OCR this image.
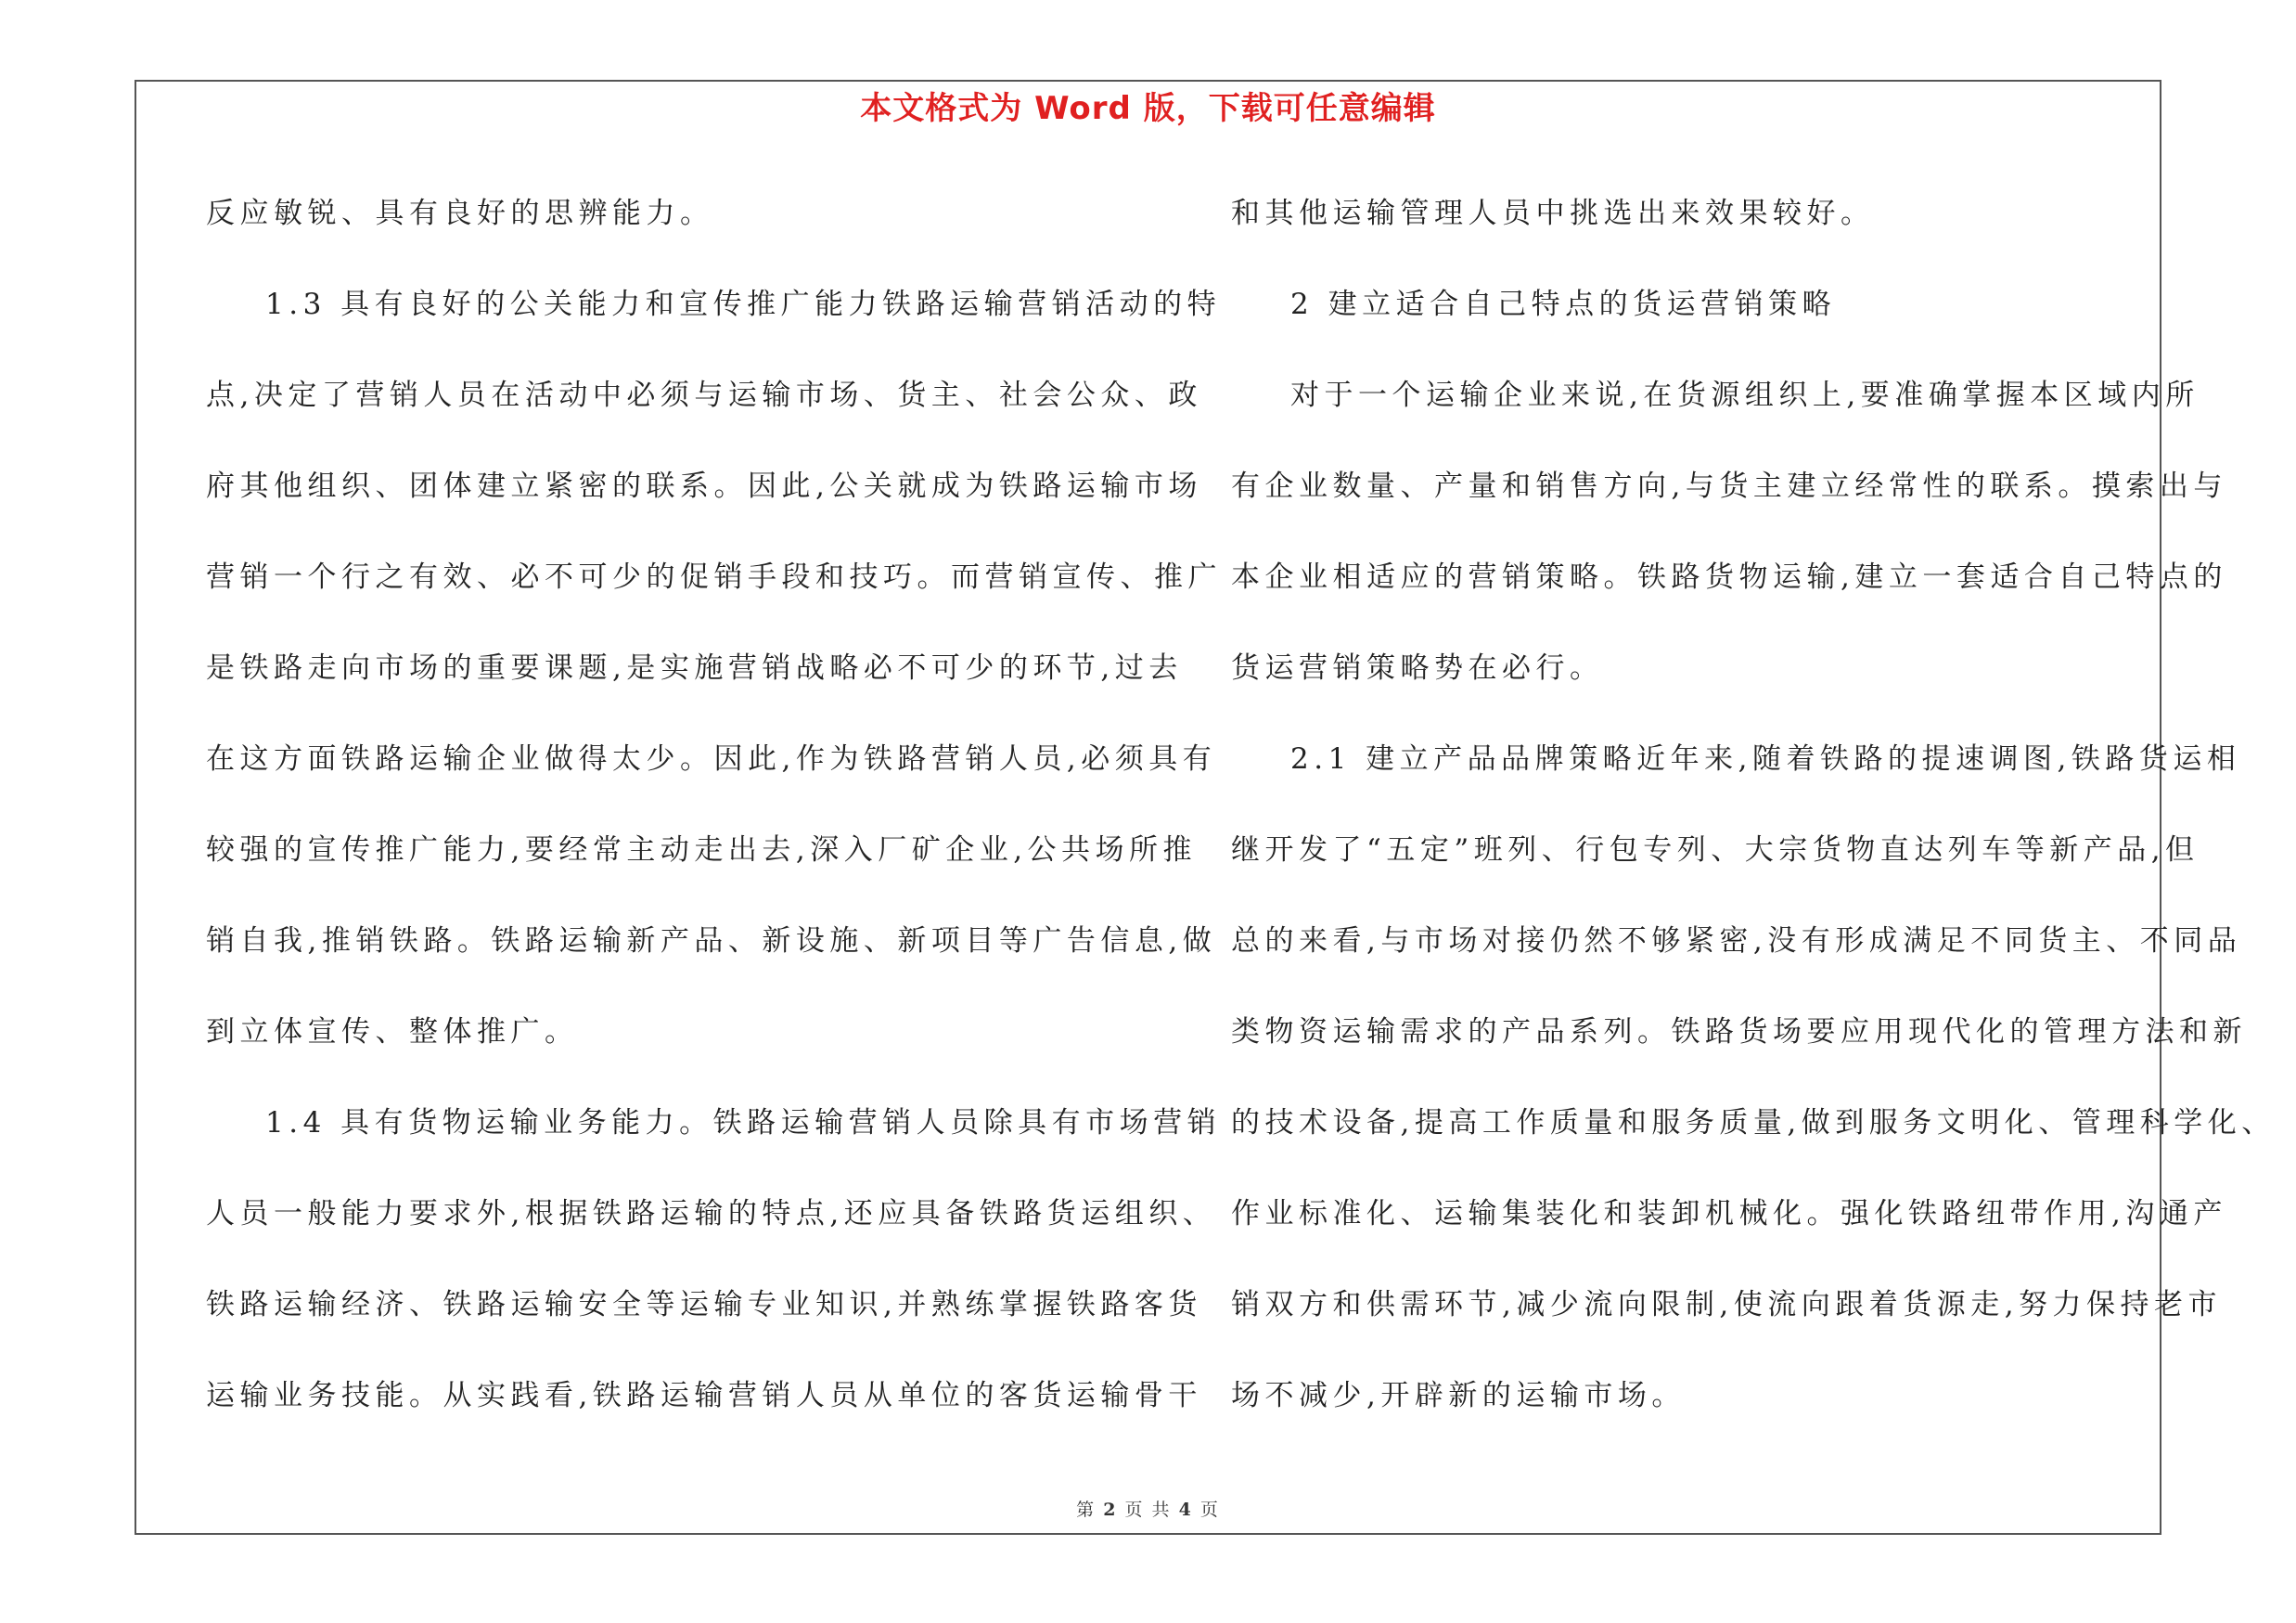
本文格式为 Word 版，下载可任意编辑
反应敏锐、具有良好的思辨能力。
1.3 具有良好的公关能力和宣传推广能力铁路运输营销活动的特
点,决定了营销人员在活动中必须与运输市场、货主、社会公众、政
府其他组织、团体建立紧密的联系。因此,公关就成为铁路运输市场
营销一个行之有效、必不可少的促销手段和技巧。而营销宣传、推广
是铁路走向市场的重要课题,是实施营销战略必不可少的环节,过去
在这方面铁路运输企业做得太少。因此,作为铁路营销人员,必须具有
较强的宣传推广能力,要经常主动走出去,深入厂矿企业,公共场所推
销自我,推销铁路。铁路运输新产品、新设施、新项目等广告信息,做
到立体宣传、整体推广。
1.4 具有货物运输业务能力。铁路运输营销人员除具有市场营销
人员一般能力要求外,根据铁路运输的特点,还应具备铁路货运组织、
铁路运输经济、铁路运输安全等运输专业知识,并熟练掌握铁路客货
运输业务技能。从实践看,铁路运输营销人员从单位的客货运输骨干
和其他运输管理人员中挑选出来效果较好。
2 建立适合自己特点的货运营销策略
对于一个运输企业来说,在货源组织上,要准确掌握本区域内所
有企业数量、产量和销售方向,与货主建立经常性的联系。摸索出与
本企业相适应的营销策略。铁路货物运输,建立一套适合自己特点的
货运营销策略势在必行。
2.1 建立产品品牌策略近年来,随着铁路的提速调图,铁路货运相
继开发了“五定”班列、行包专列、大宗货物直达列车等新产品,但
总的来看,与市场对接仍然不够紧密,没有形成满足不同货主、不同品
类物资运输需求的产品系列。铁路货场要应用现代化的管理方法和新
的技术设备,提高工作质量和服务质量,做到服务文明化、管理科学化、
作业标准化、运输集装化和装卸机械化。强化铁路纽带作用,沟通产
销双方和供需环节,减少流向限制,使流向跟着货源走,努力保持老市
场不减少,开辟新的运输市场。
第 2 页 共 4 页
